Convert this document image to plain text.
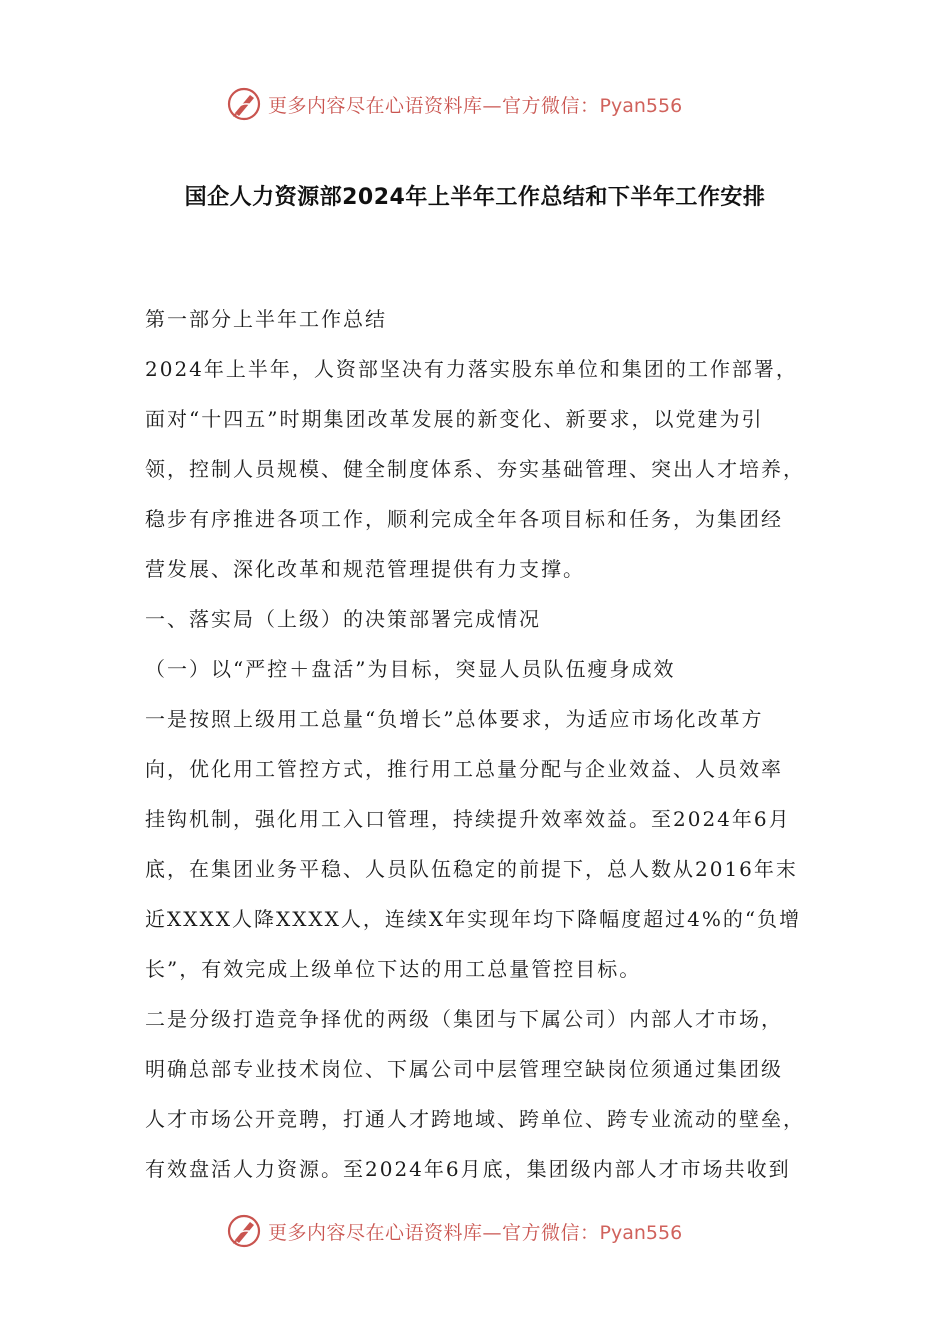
更多内容尽在心语资料库—官方微信：Pyan556
国企人力资源部2024年上半年工作总结和下半年工作安排
第一部分上半年工作总结
2024年上半年，人资部坚决有力落实股东单位和集团的工作部署，
面对“十四五”时期集团改革发展的新变化、新要求，以党建为引
领，控制人员规模、健全制度体系、夯实基础管理、突出人才培养，
稳步有序推进各项工作，顺利完成全年各项目标和任务，为集团经
营发展、深化改革和规范管理提供有力支撑。
一、落实局（上级）的决策部署完成情况
（一）以“严控＋盘活”为目标，突显人员队伍瘦身成效
一是按照上级用工总量“负增长”总体要求，为适应市场化改革方
向，优化用工管控方式，推行用工总量分配与企业效益、人员效率
挂钩机制，强化用工入口管理，持续提升效率效益。至2024年6月
底，在集团业务平稳、人员队伍稳定的前提下，总人数从2016年末
近XXXX人降XXXX人，连续X年实现年均下降幅度超过4%的“负增
长”，有效完成上级单位下达的用工总量管控目标。
二是分级打造竞争择优的两级（集团与下属公司）内部人才市场，
明确总部专业技术岗位、下属公司中层管理空缺岗位须通过集团级
人才市场公开竞聘，打通人才跨地域、跨单位、跨专业流动的壁垒，
有效盘活人力资源。至2024年6月底，集团级内部人才市场共收到
更多内容尽在心语资料库—官方微信：Pyan556
